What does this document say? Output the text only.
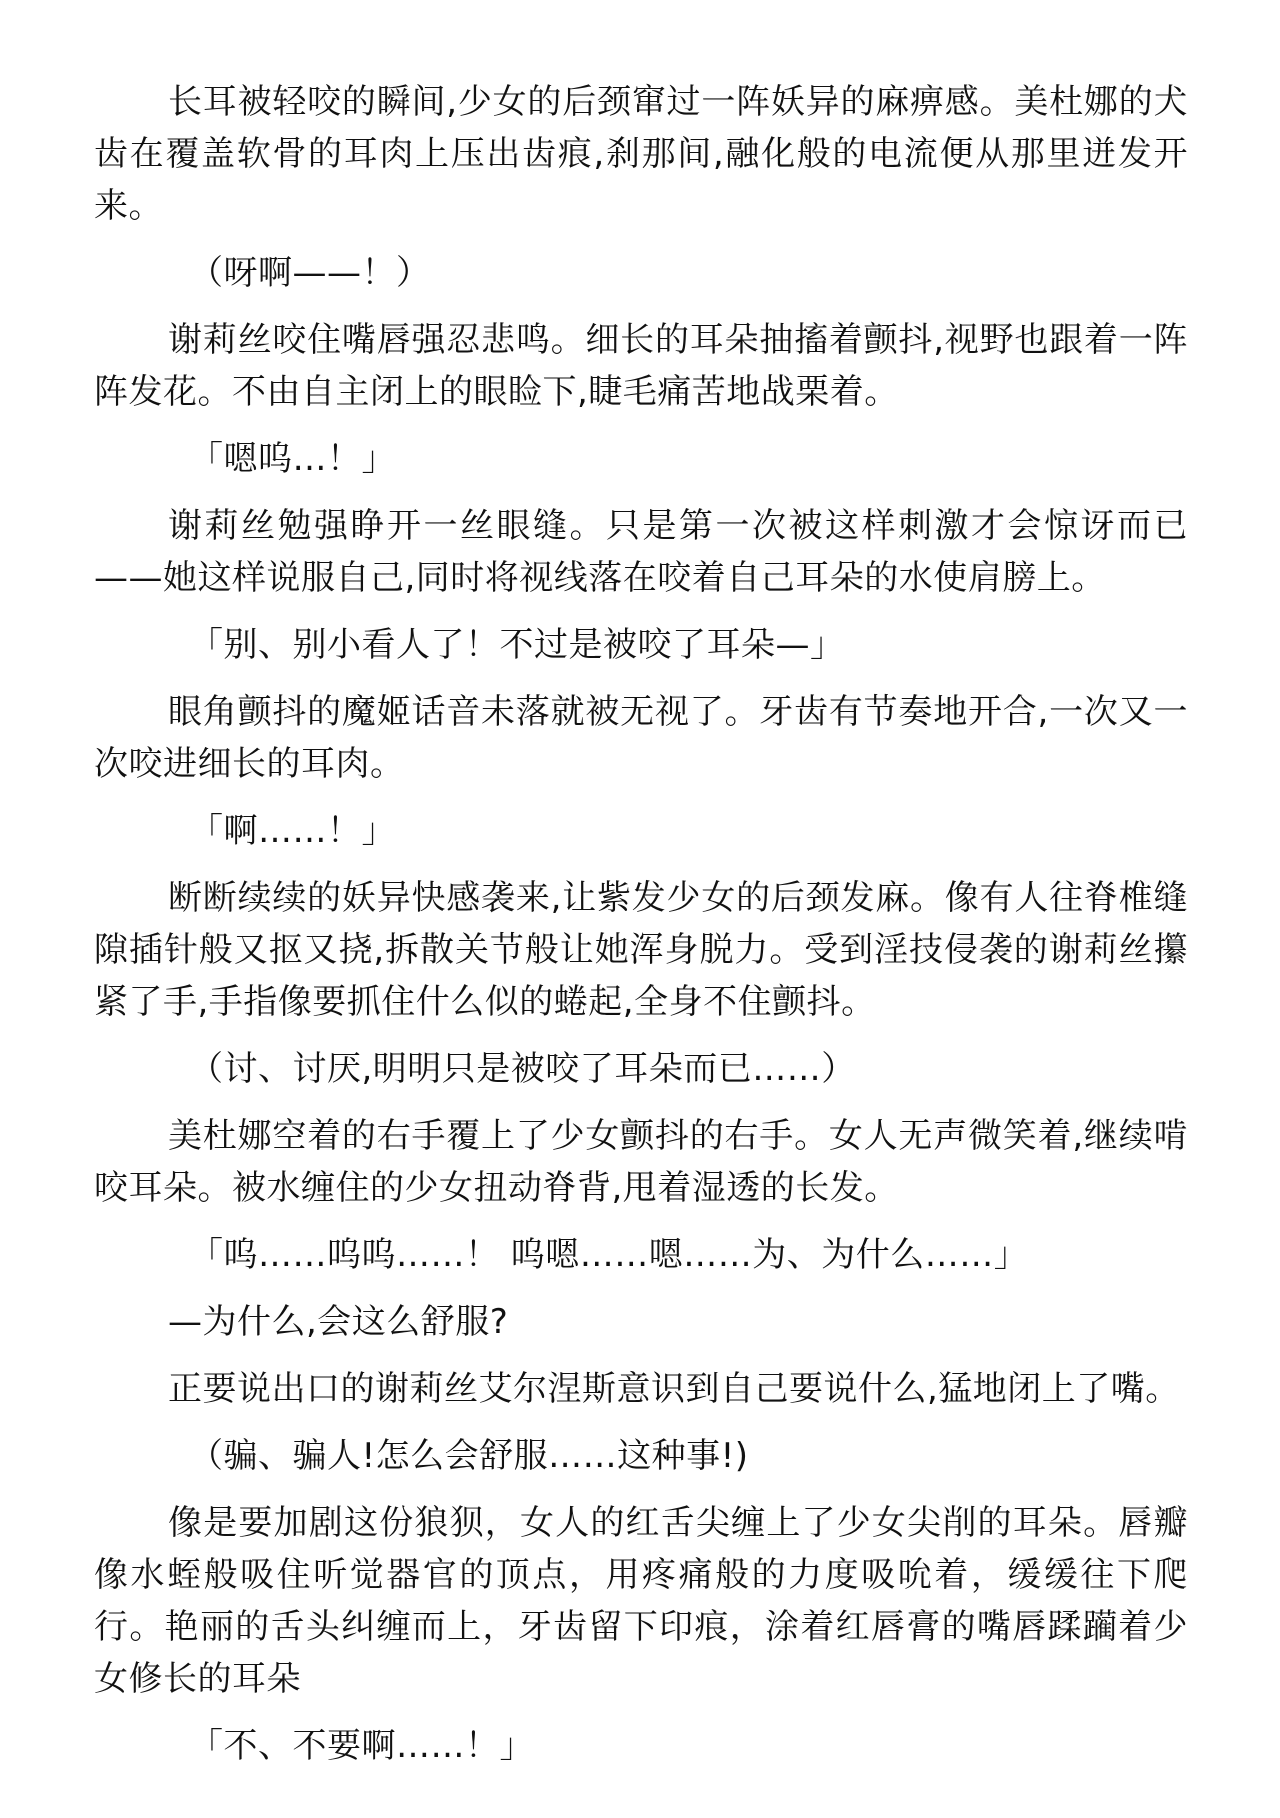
长耳被轻咬的瞬间,少女的后颈窜过一阵妖异的麻痹感。美杜娜的犬齿在覆盖软骨的耳肉上压出齿痕,刹那间,融化般的电流便从那里迸发开来。

（呀啊——！）

谢莉丝咬住嘴唇强忍悲鸣。细长的耳朵抽搐着颤抖,视野也跟着一阵阵发花。不由自主闭上的眼睑下,睫毛痛苦地战栗着。

「嗯呜…！」

谢莉丝勉强睁开一丝眼缝。只是第一次被这样刺激才会惊讶而已——她这样说服自己,同时将视线落在咬着自己耳朵的水使肩膀上。

「别、别小看人了！不过是被咬了耳朵—」

眼角颤抖的魔姬话音未落就被无视了。牙齿有节奏地开合,一次又一次咬进细长的耳肉。

「啊……！」

断断续续的妖异快感袭来,让紫发少女的后颈发麻。像有人往脊椎缝隙插针般又抠又挠,拆散关节般让她浑身脱力。受到淫技侵袭的谢莉丝攥紧了手,手指像要抓住什么似的蜷起,全身不住颤抖。

（讨、讨厌,明明只是被咬了耳朵而已……）

美杜娜空着的右手覆上了少女颤抖的右手。女人无声微笑着,继续啃咬耳朵。被水缠住的少女扭动脊背,甩着湿透的长发。

「呜……呜呜……！ 呜嗯……嗯……为、为什么……」

—为什么,会这么舒服?

正要说出口的谢莉丝艾尔涅斯意识到自己要说什么,猛地闭上了嘴。

（骗、骗人!怎么会舒服……这种事!)

像是要加剧这份狼狈，女人的红舌尖缠上了少女尖削的耳朵。唇瓣像水蛭般吸住听觉器官的顶点，用疼痛般的力度吸吮着，缓缓往下爬行。艳丽的舌头纠缠而上，牙齿留下印痕，涂着红唇膏的嘴唇蹂躏着少女修长的耳朵

「不、不要啊……！」
